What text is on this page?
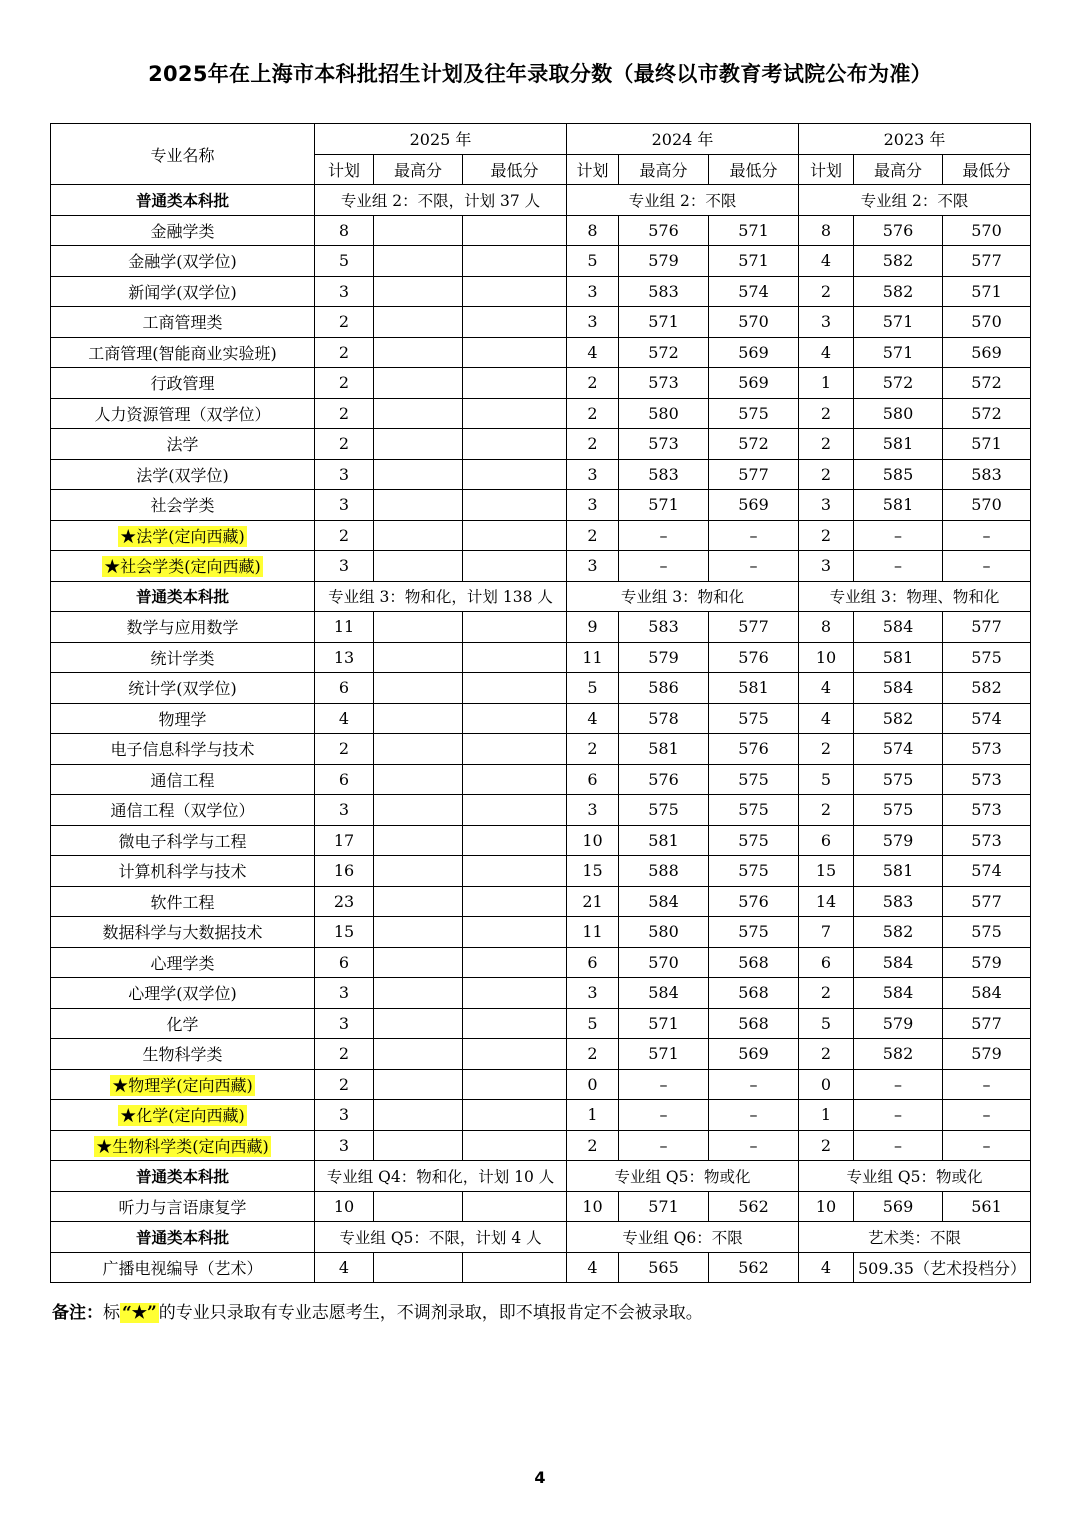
2025年在上海市本科批招生计划及往年录取分数（最终以市教育考试院公布为准）
专业名称	2025 年			2024 年			2023 年		
	计划	最高分	最低分	计划	最高分	最低分	计划	最高分	最低分
普通类本科批	专业组 2：不限，计划 37 人			专业组 2：不限			专业组 2：不限		
金融学类	8			8	576	571	8	576	570
金融学(双学位)	5			5	579	571	4	582	577
新闻学(双学位)	3			3	583	574	2	582	571
工商管理类	2			3	571	570	3	571	570
工商管理(智能商业实验班)	2			4	572	569	4	571	569
行政管理	2			2	573	569	1	572	572
人力资源管理（双学位）	2			2	580	575	2	580	572
法学	2			2	573	572	2	581	571
法学(双学位)	3			3	583	577	2	585	583
社会学类	3			3	571	569	3	581	570
★法学(定向西藏)	2			2	–	–	2	–	–
★社会学类(定向西藏)	3			3	–	–	3	–	–
普通类本科批	专业组 3：物和化，计划 138 人			专业组 3：物和化			专业组 3：物理、物和化		
数学与应用数学	11			9	583	577	8	584	577
统计学类	13			11	579	576	10	581	575
统计学(双学位)	6			5	586	581	4	584	582
物理学	4			4	578	575	4	582	574
电子信息科学与技术	2			2	581	576	2	574	573
通信工程	6			6	576	575	5	575	573
通信工程（双学位）	3			3	575	575	2	575	573
微电子科学与工程	17			10	581	575	6	579	573
计算机科学与技术	16			15	588	575	15	581	574
软件工程	23			21	584	576	14	583	577
数据科学与大数据技术	15			11	580	575	7	582	575
心理学类	6			6	570	568	6	584	579
心理学(双学位)	3			3	584	568	2	584	584
化学	3			5	571	568	5	579	577
生物科学类	2			2	571	569	2	582	579
★物理学(定向西藏)	2			0	–	–	0	–	–
★化学(定向西藏)	3			1	–	–	1	–	–
★生物科学类(定向西藏)	3			2	–	–	2	–	–
普通类本科批	专业组 Q4：物和化，计划 10 人			专业组 Q5：物或化			专业组 Q5：物或化		
听力与言语康复学	10			10	571	562	10	569	561
普通类本科批	专业组 Q5：不限，计划 4 人			专业组 Q6：不限			艺术类：不限		
广播电视编导（艺术）	4			4	565	562	4	509.35（艺术投档分）	
备注：标 “★” 的专业只录取有专业志愿考生，不调剂录取，即不填报肯定不会被录取。
4
